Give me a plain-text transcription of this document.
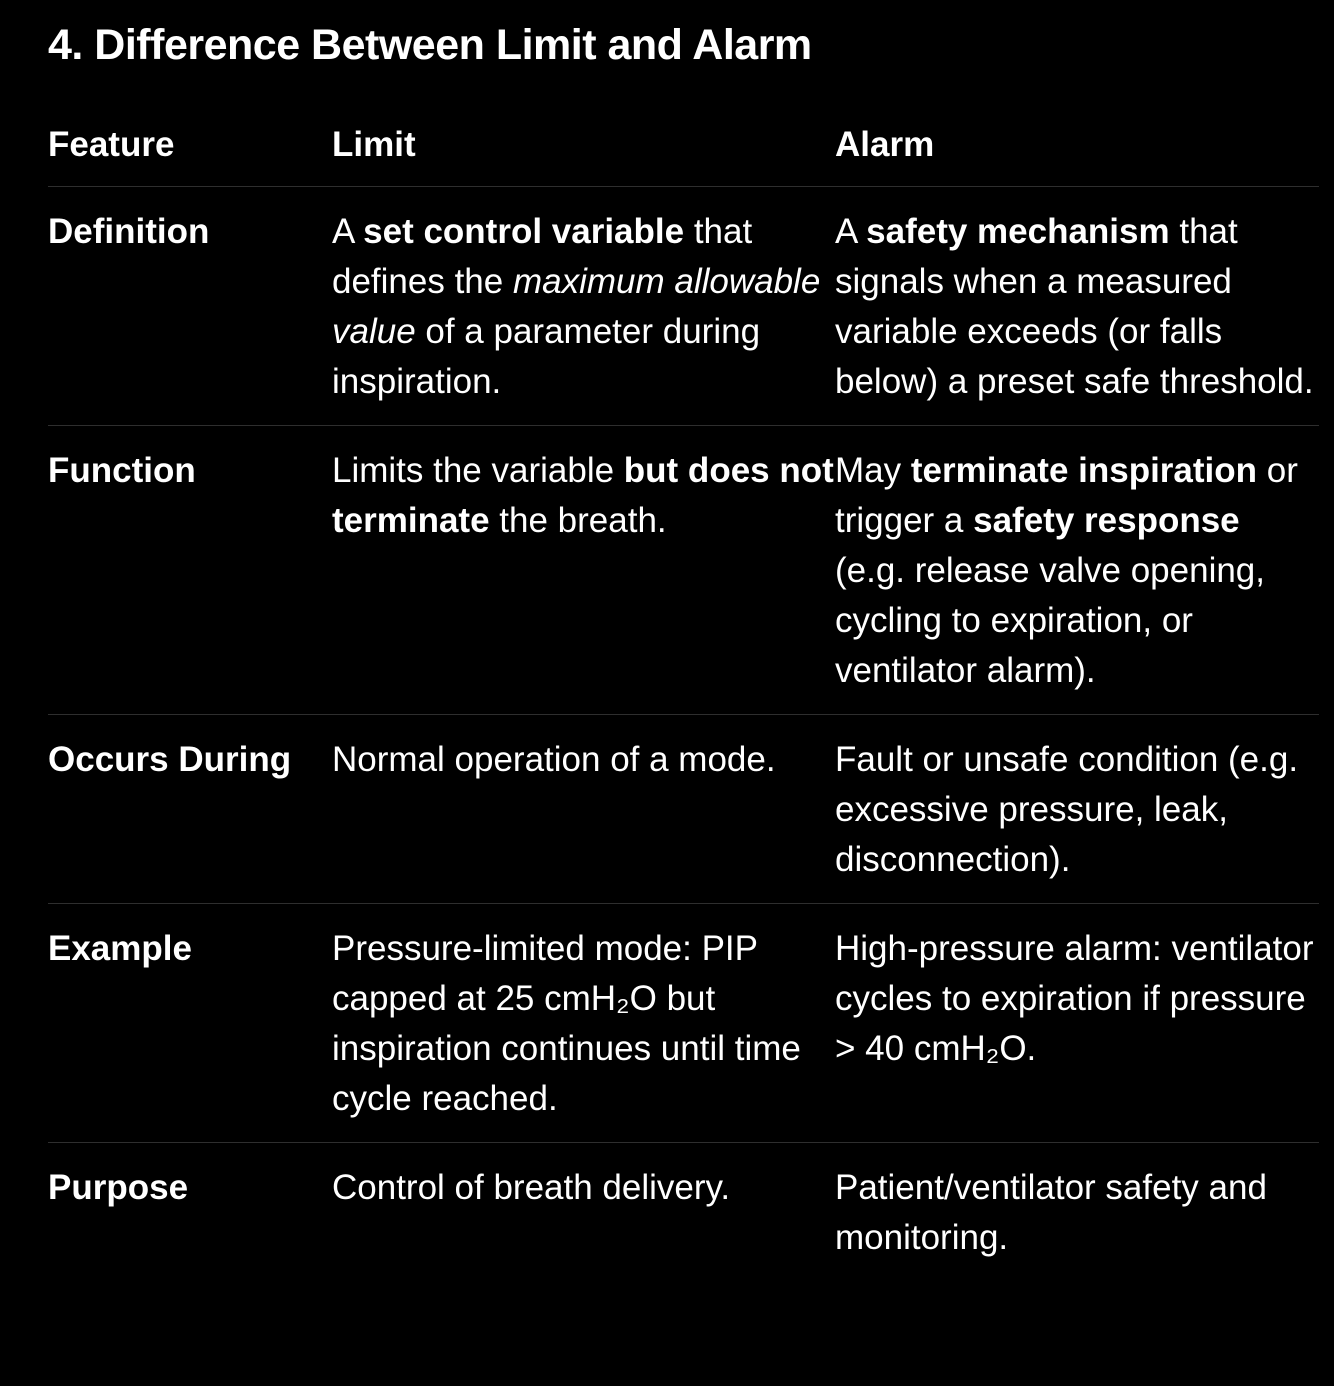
4. Difference Between Limit and Alarm
Feature	Limit	Alarm
Definition	A set control variable that defines the maximum allowable value of a parameter during inspiration.	A safety mechanism that signals when a measured variable exceeds (or falls below) a preset safe threshold.
Function	Limits the variable but does not terminate the breath.	May terminate inspiration or trigger a safety response (e.g. release valve opening, cycling to expiration, or ventilator alarm).
Occurs During	Normal operation of a mode.	Fault or unsafe condition (e.g. excessive pressure, leak, disconnection).
Example	Pressure-limited mode: PIP capped at 25 cmH₂O but inspiration continues until time cycle reached.	High-pressure alarm: ventilator cycles to expiration if pressure > 40 cmH₂O.
Purpose	Control of breath delivery.	Patient/ventilator safety and monitoring.
